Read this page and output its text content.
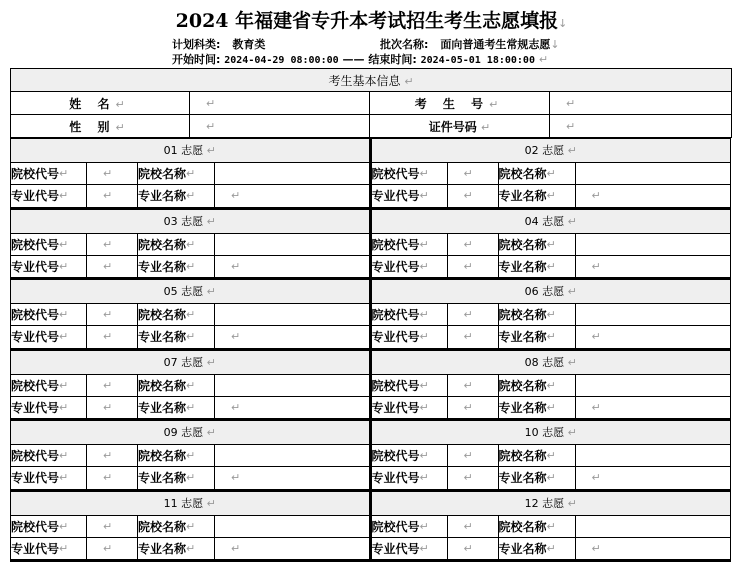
2024 年福建省专升本考试招生考生志愿填报↓
计划科类: 教育类	批次名称: 面向普通考生常规志愿↓
开始时间: 2024-04-29 08:00:00 —— 结束时间: 2024-05-01 18:00:00 ↵
考生基本信息 ↵			
姓 名↵	↵	考 生 号↵	↵
性 别↵	↵	证件号码 ↵	↵
01 志愿 ↵
院校代号 ↵	↵ 院校名称 ↵
专业代号 ↵	↵ 专业名称 ↵	↵
02 志愿 ↵
院校代号 ↵	↵ 院校名称 ↵
专业代号 ↵	↵ 专业名称 ↵	↵
03 志愿 ↵
院校代号 ↵	↵ 院校名称 ↵
专业代号 ↵	↵ 专业名称 ↵	↵
04 志愿 ↵
院校代号 ↵	↵ 院校名称 ↵
专业代号 ↵	↵ 专业名称 ↵	↵
05 志愿 ↵
院校代号 ↵	↵ 院校名称 ↵
专业代号 ↵	↵ 专业名称 ↵	↵
06 志愿 ↵
院校代号 ↵	↵ 院校名称 ↵
专业代号 ↵	↵ 专业名称 ↵	↵
07 志愿 ↵
院校代号 ↵	↵ 院校名称 ↵
专业代号 ↵	↵ 专业名称 ↵	↵
08 志愿 ↵
院校代号 ↵	↵ 院校名称 ↵
专业代号 ↵	↵ 专业名称 ↵	↵
09 志愿 ↵
院校代号 ↵	↵ 院校名称 ↵
专业代号 ↵	↵ 专业名称 ↵	↵
10 志愿 ↵
院校代号 ↵	↵ 院校名称 ↵
专业代号 ↵	↵ 专业名称 ↵	↵
11 志愿 ↵
院校代号 ↵	↵ 院校名称 ↵
专业代号 ↵	↵ 专业名称 ↵	↵
12 志愿 ↵
院校代号 ↵	↵ 院校名称 ↵
专业代号 ↵	↵ 专业名称 ↵	↵
